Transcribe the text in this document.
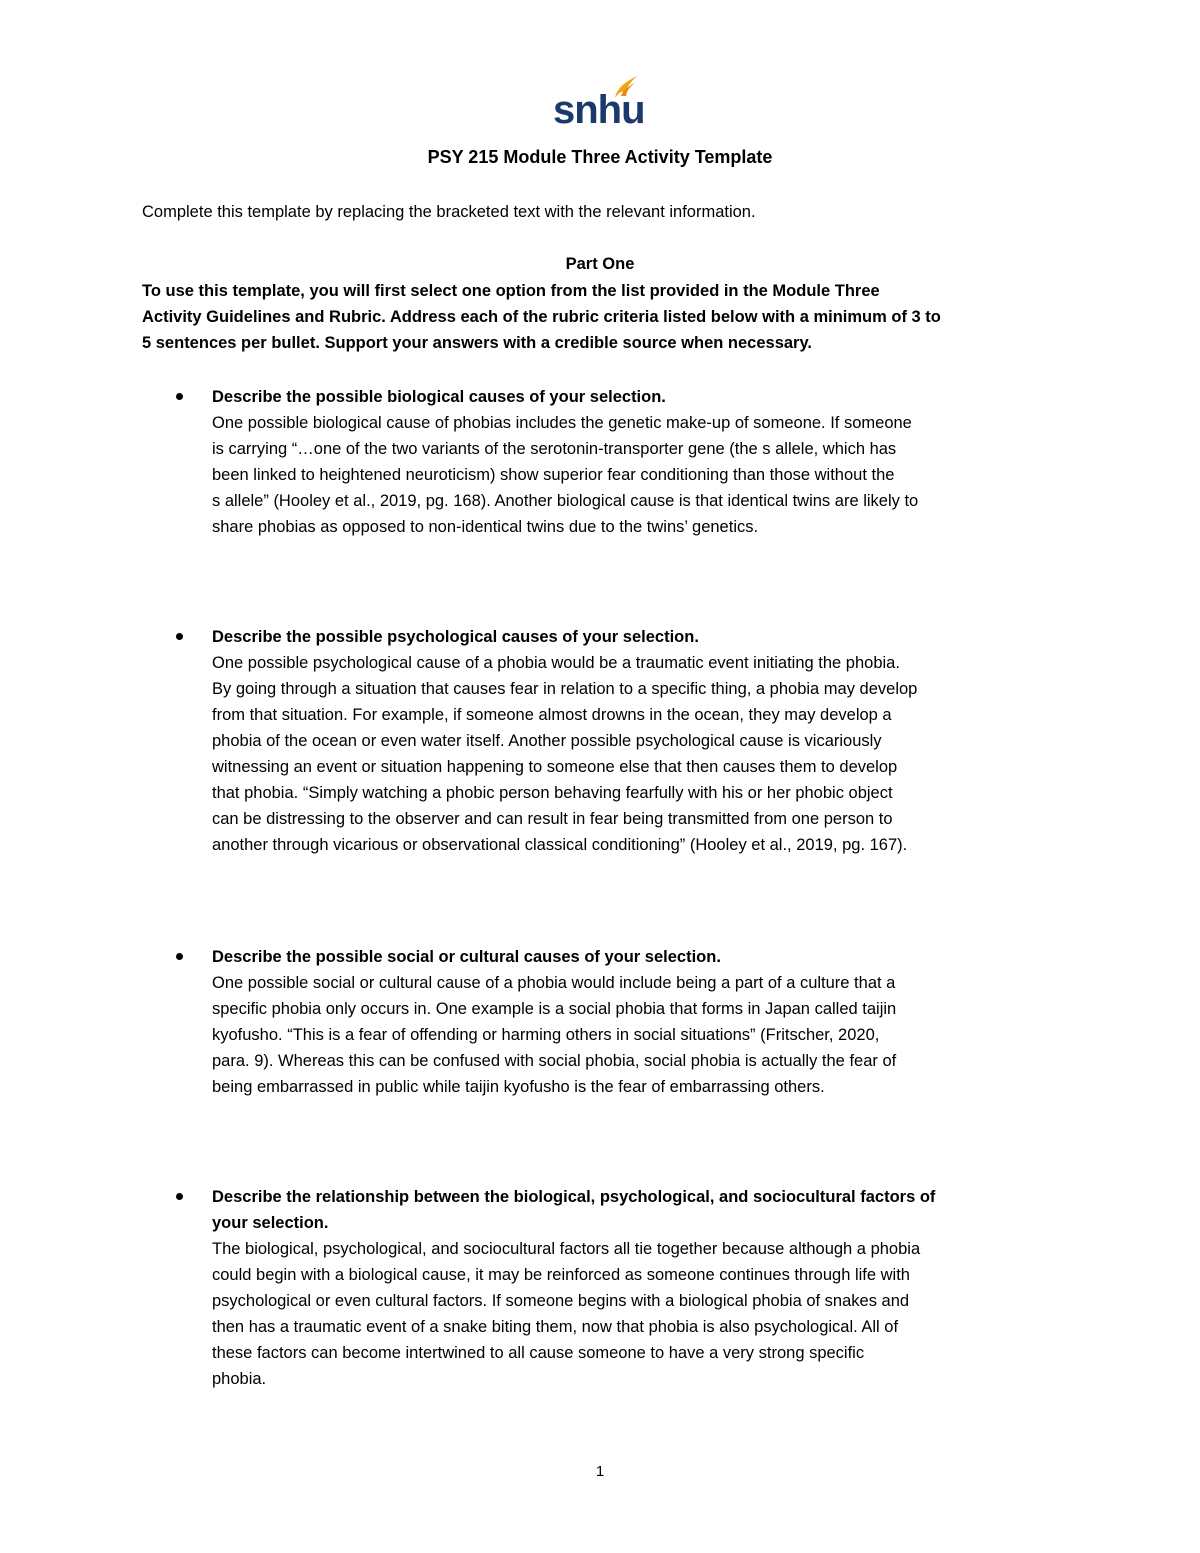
snhu
PSY 215 Module Three Activity Template
Complete this template by replacing the bracketed text with the relevant information.
Part One
To use this template, you will first select one option from the list provided in the Module Three
Activity Guidelines and Rubric. Address each of the rubric criteria listed below with a minimum of 3 to
5 sentences per bullet. Support your answers with a credible source when necessary.
Describe the possible biological causes of your selection.
One possible biological cause of phobias includes the genetic make-up of someone. If someone
is carrying “…one of the two variants of the serotonin-transporter gene (the s allele, which has
been linked to heightened neuroticism) show superior fear conditioning than those without the
s allele” (Hooley et al., 2019, pg. 168). Another biological cause is that identical twins are likely to
share phobias as opposed to non-identical twins due to the twins’ genetics.
Describe the possible psychological causes of your selection.
One possible psychological cause of a phobia would be a traumatic event initiating the phobia.
By going through a situation that causes fear in relation to a specific thing, a phobia may develop
from that situation. For example, if someone almost drowns in the ocean, they may develop a
phobia of the ocean or even water itself. Another possible psychological cause is vicariously
witnessing an event or situation happening to someone else that then causes them to develop
that phobia. “Simply watching a phobic person behaving fearfully with his or her phobic object
can be distressing to the observer and can result in fear being transmitted from one person to
another through vicarious or observational classical conditioning” (Hooley et al., 2019, pg. 167).
Describe the possible social or cultural causes of your selection.
One possible social or cultural cause of a phobia would include being a part of a culture that a
specific phobia only occurs in. One example is a social phobia that forms in Japan called taijin
kyofusho. “This is a fear of offending or harming others in social situations” (Fritscher, 2020,
para. 9). Whereas this can be confused with social phobia, social phobia is actually the fear of
being embarrassed in public while taijin kyofusho is the fear of embarrassing others.
Describe the relationship between the biological, psychological, and sociocultural factors of
your selection.
The biological, psychological, and sociocultural factors all tie together because although a phobia
could begin with a biological cause, it may be reinforced as someone continues through life with
psychological or even cultural factors. If someone begins with a biological phobia of snakes and
then has a traumatic event of a snake biting them, now that phobia is also psychological. All of
these factors can become intertwined to all cause someone to have a very strong specific
phobia.
1
